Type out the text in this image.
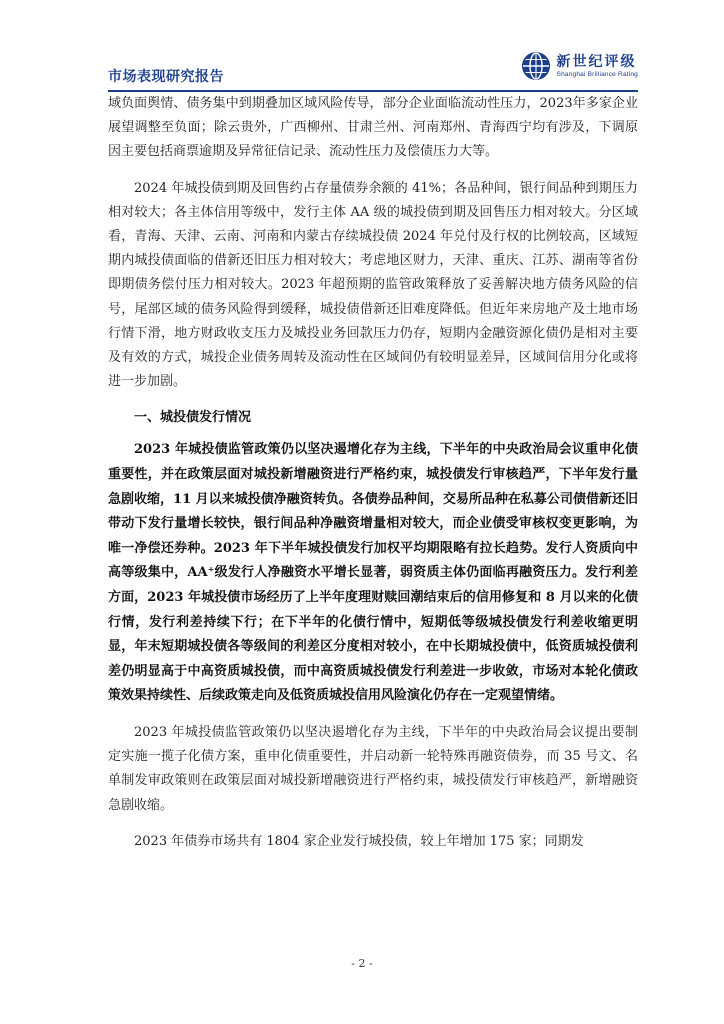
市场表现研究报告
新世纪评级
Shanghai Brilliance Rating

域负面舆情、债务集中到期叠加区域风险传导，部分企业面临流动性压力，2023年多家企业展望调整至负面；除云贵外，广西柳州、甘肃兰州、河南郑州、青海西宁均有涉及，下调原因主要包括商票逾期及异常征信记录、流动性压力及偿债压力大等。

2024 年城投债到期及回售约占存量债券余额的 41%；各品种间，银行间品种到期压力相对较大；各主体信用等级中，发行主体 AA 级的城投债到期及回售压力相对较大。分区域看，青海、天津、云南、河南和内蒙古存续城投债 2024 年兑付及行权的比例较高，区域短期内城投债面临的借新还旧压力相对较大；考虑地区财力，天津、重庆、江苏、湖南等省份即期债务偿付压力相对较大。2023 年超预期的监管政策释放了妥善解决地方债务风险的信号，尾部区域的债务风险得到缓释，城投债借新还旧难度降低。但近年来房地产及土地市场行情下滑，地方财政收支压力及城投业务回款压力仍存，短期内金融资源化债仍是相对主要及有效的方式，城投企业债务周转及流动性在区域间仍有较明显差异，区域间信用分化或将进一步加剧。

一、城投债发行情况

2023 年城投债监管政策仍以坚决遏增化存为主线，下半年的中央政治局会议重申化债重要性，并在政策层面对城投新增融资进行严格约束，城投债发行审核趋严，下半年发行量急剧收缩，11 月以来城投债净融资转负。各债券品种间，交易所品种在私募公司债借新还旧带动下发行量增长较快，银行间品种净融资增量相对较大，而企业债受审核权变更影响，为唯一净偿还券种。2023 年下半年城投债发行加权平均期限略有拉长趋势。发行人资质向中高等级集中，AA⁺级发行人净融资水平增长显著，弱资质主体仍面临再融资压力。发行利差方面，2023 年城投债市场经历了上半年度理财赎回潮结束后的信用修复和 8 月以来的化债行情，发行利差持续下行；在下半年的化债行情中，短期低等级城投债发行利差收缩更明显，年末短期城投债各等级间的利差区分度相对较小，在中长期城投债中，低资质城投债利差仍明显高于中高资质城投债，而中高资质城投债发行利差进一步收敛，市场对本轮化债政策效果持续性、后续政策走向及低资质城投信用风险演化仍存在一定观望情绪。

2023 年城投债监管政策仍以坚决遏增化存为主线，下半年的中央政治局会议提出要制定实施一揽子化债方案，重申化债重要性，并启动新一轮特殊再融资债券，而 35 号文、名单制发审政策则在政策层面对城投新增融资进行严格约束，城投债发行审核趋严，新增融资急剧收缩。

2023 年债券市场共有 1804 家企业发行城投债，较上年增加 175 家；同期发

- 2 -
